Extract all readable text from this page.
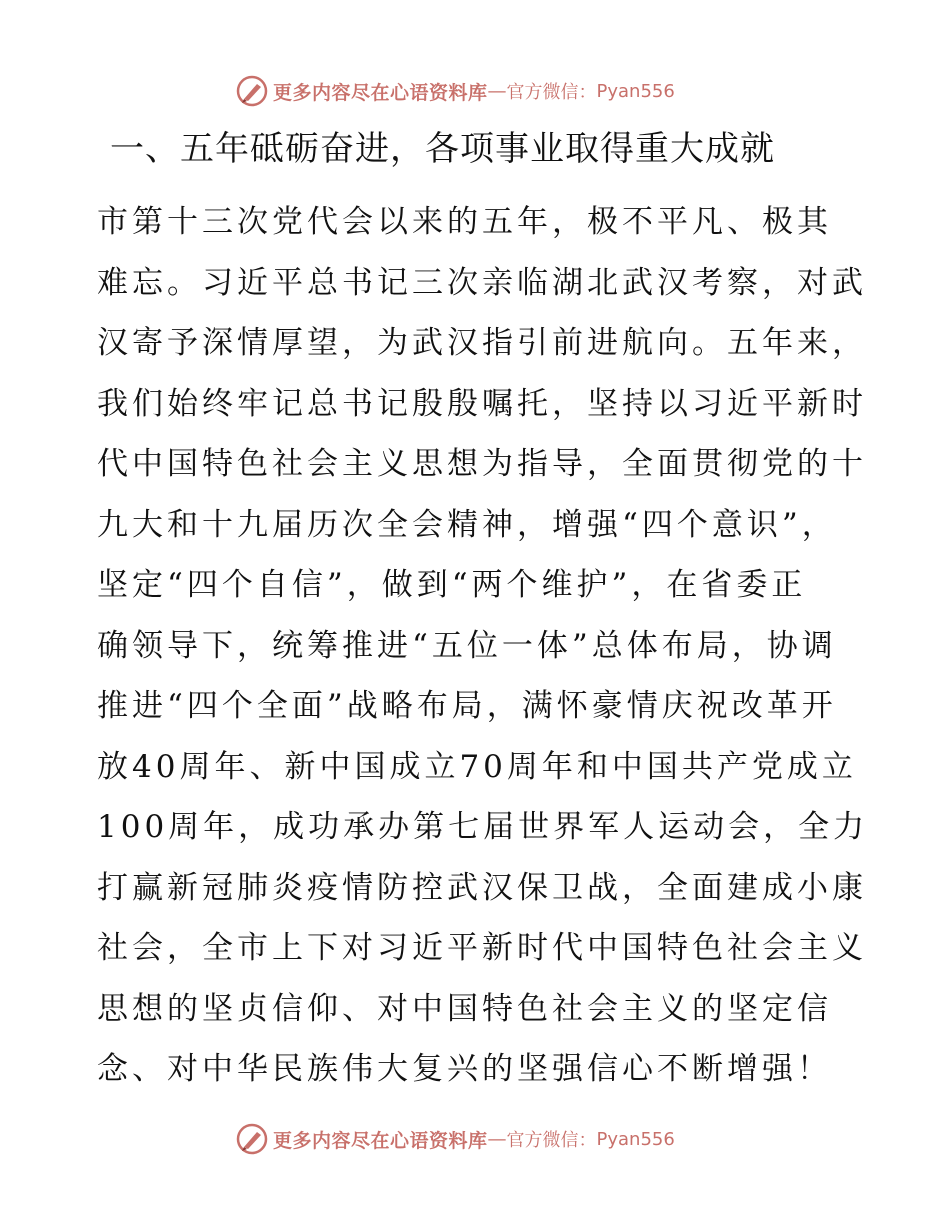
更多内容尽在心语资料库 — 官方微信： Pyan556
一、五年砥砺奋进，各项事业取得重大成就
市第十三次党代会以来的五年，极不平凡、极其
难忘。习近平总书记三次亲临湖北武汉考察，对武
汉寄予深情厚望，为武汉指引前进航向。五年来，
我们始终牢记总书记殷殷嘱托，坚持以习近平新时
代中国特色社会主义思想为指导，全面贯彻党的十
九大和十九届历次全会精神，增强“四个意识”，
坚定“四个自信”，做到“两个维护”，在省委正
确领导下，统筹推进“五位一体”总体布局，协调
推进“四个全面”战略布局，满怀豪情庆祝改革开
放40周年、新中国成立70周年和中国共产党成立
100周年，成功承办第七届世界军人运动会，全力
打赢新冠肺炎疫情防控武汉保卫战，全面建成小康
社会，全市上下对习近平新时代中国特色社会主义
思想的坚贞信仰、对中国特色社会主义的坚定信
念、对中华民族伟大复兴的坚强信心不断增强！
更多内容尽在心语资料库 — 官方微信： Pyan556
